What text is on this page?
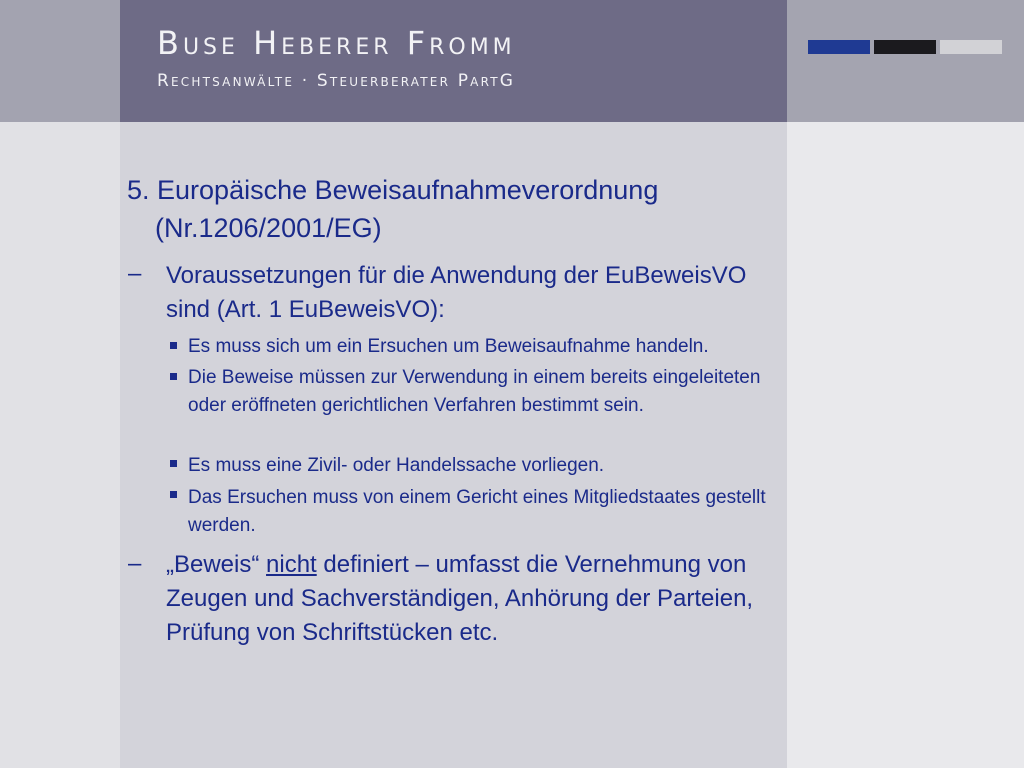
Buse Heberer Fromm
Rechtsanwälte · Steuerberater PartG
5. Europäische Beweisaufnahmeverordnung
(Nr.1206/2001/EG)
– Voraussetzungen für die Anwendung der EuBeweisVO sind (Art. 1 EuBeweisVO):
Es muss sich um ein Ersuchen um Beweisaufnahme handeln.
Die Beweise müssen zur Verwendung in einem bereits eingeleiteten oder eröffneten gerichtlichen Verfahren bestimmt sein.
Es muss eine Zivil- oder Handelssache vorliegen.
Das Ersuchen muss von einem Gericht eines Mitgliedstaates gestellt werden.
– „Beweis“ nicht definiert – umfasst die Vernehmung von Zeugen und Sachverständigen, Anhörung der Parteien, Prüfung von Schriftstücken etc.
